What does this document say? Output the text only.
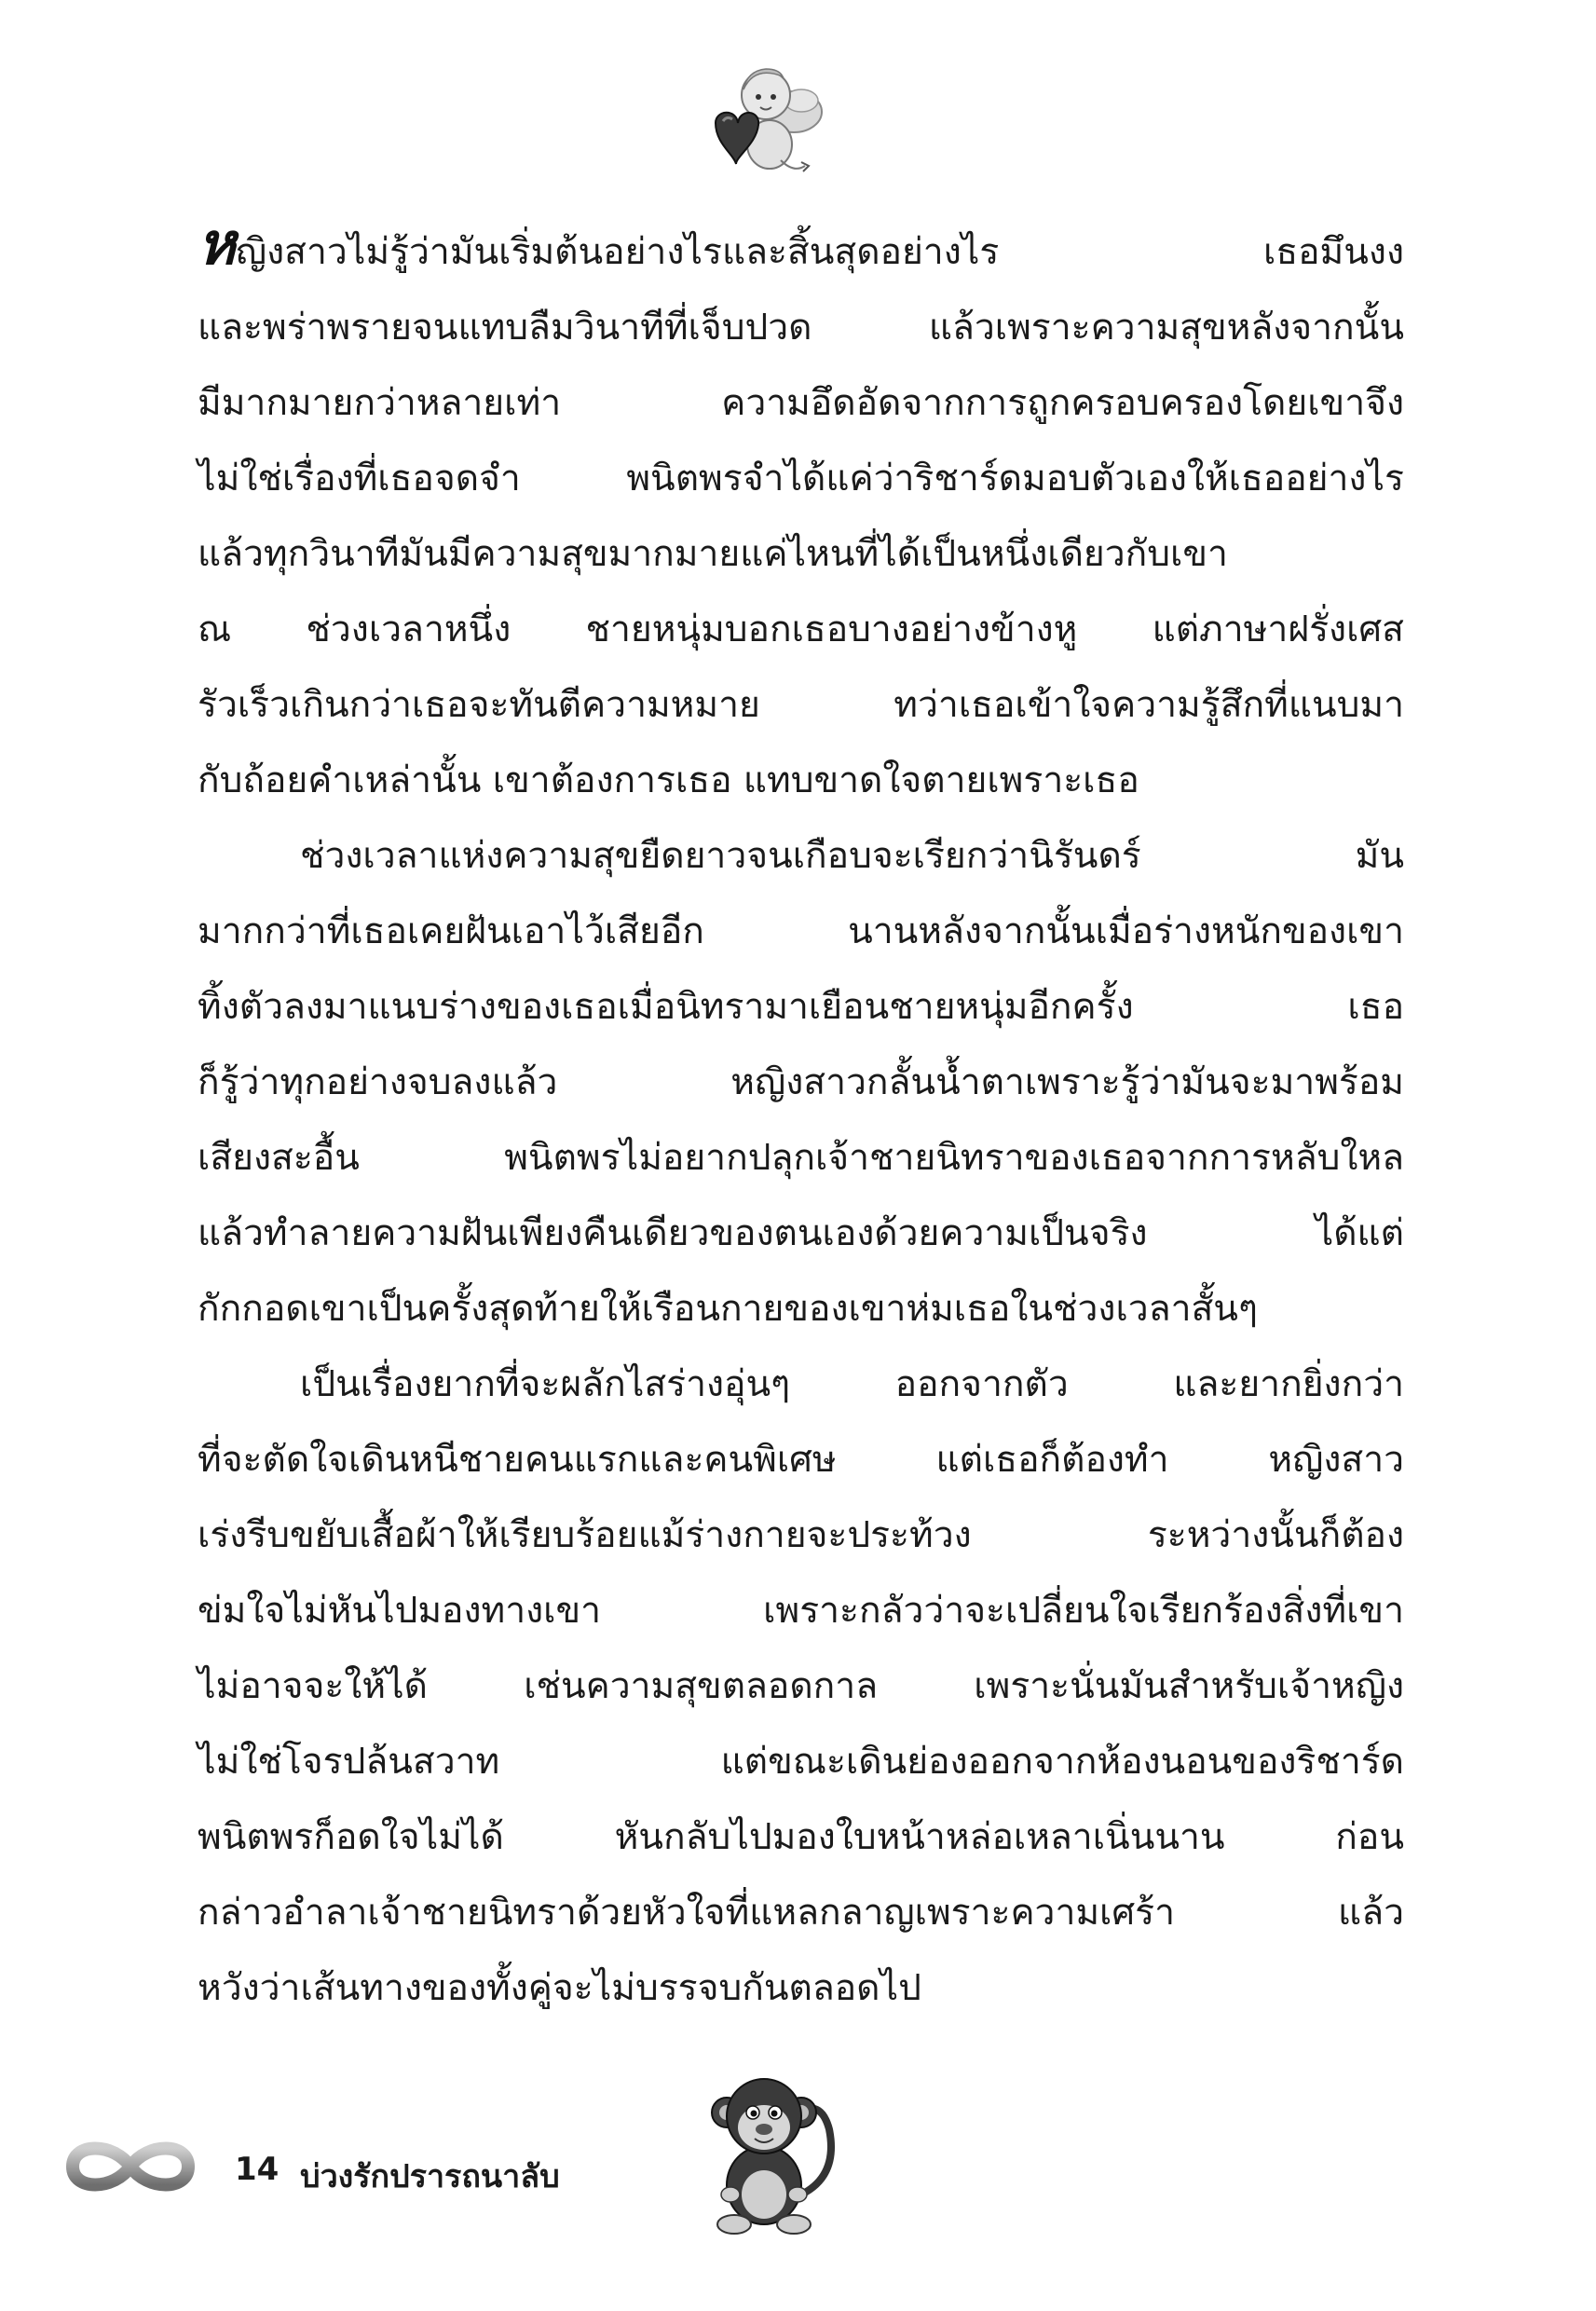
หญิงสาวไม่รู้ว่ามันเริ่มต้นอย่างไรและสิ้นสุดอย่างไร เธอมึนงง
และพร่าพรายจนแทบลืมวินาทีที่เจ็บปวด แล้วเพราะความสุขหลังจากนั้น
มีมากมายกว่าหลายเท่า ความอึดอัดจากการถูกครอบครองโดยเขาจึง
ไม่ใช่เรื่องที่เธอจดจำ พนิตพรจำได้แค่ว่าริชาร์ดมอบตัวเองให้เธออย่างไร
แล้วทุกวินาทีมันมีความสุขมากมายแค่ไหนที่ได้เป็นหนึ่งเดียวกับเขา
ณ ช่วงเวลาหนึ่ง ชายหนุ่มบอกเธอบางอย่างข้างหู แต่ภาษาฝรั่งเศส
รัวเร็วเกินกว่าเธอจะทันตีความหมาย ทว่าเธอเข้าใจความรู้สึกที่แนบมา
กับถ้อยคำเหล่านั้น เขาต้องการเธอ แทบขาดใจตายเพราะเธอ
ช่วงเวลาแห่งความสุขยืดยาวจนเกือบจะเรียกว่านิรันดร์ มัน
มากกว่าที่เธอเคยฝันเอาไว้เสียอีก นานหลังจากนั้นเมื่อร่างหนักของเขา
ทิ้งตัวลงมาแนบร่างของเธอเมื่อนิทรามาเยือนชายหนุ่มอีกครั้ง เธอ
ก็รู้ว่าทุกอย่างจบลงแล้ว หญิงสาวกลั้นน้ำตาเพราะรู้ว่ามันจะมาพร้อม
เสียงสะอื้น พนิตพรไม่อยากปลุกเจ้าชายนิทราของเธอจากการหลับใหล
แล้วทำลายความฝันเพียงคืนเดียวของตนเองด้วยความเป็นจริง ได้แต่
กักกอดเขาเป็นครั้งสุดท้ายให้เรือนกายของเขาห่มเธอในช่วงเวลาสั้นๆ
เป็นเรื่องยากที่จะผลักไสร่างอุ่นๆ ออกจากตัว และยากยิ่งกว่า
ที่จะตัดใจเดินหนีชายคนแรกและคนพิเศษ แต่เธอก็ต้องทำ หญิงสาว
เร่งรีบขยับเสื้อผ้าให้เรียบร้อยแม้ร่างกายจะประท้วง ระหว่างนั้นก็ต้อง
ข่มใจไม่หันไปมองทางเขา เพราะกลัวว่าจะเปลี่ยนใจเรียกร้องสิ่งที่เขา
ไม่อาจจะให้ได้ เช่นความสุขตลอดกาล เพราะนั่นมันสำหรับเจ้าหญิง
ไม่ใช่โจรปล้นสวาท แต่ขณะเดินย่องออกจากห้องนอนของริชาร์ด
พนิตพรก็อดใจไม่ได้ หันกลับไปมองใบหน้าหล่อเหลาเนิ่นนาน ก่อน
กล่าวอำลาเจ้าชายนิทราด้วยหัวใจที่แหลกลาญเพราะความเศร้า แล้ว
หวังว่าเส้นทางของทั้งคู่จะไม่บรรจบกันตลอดไป
14 บ่วงรักปรารถนาลับ
